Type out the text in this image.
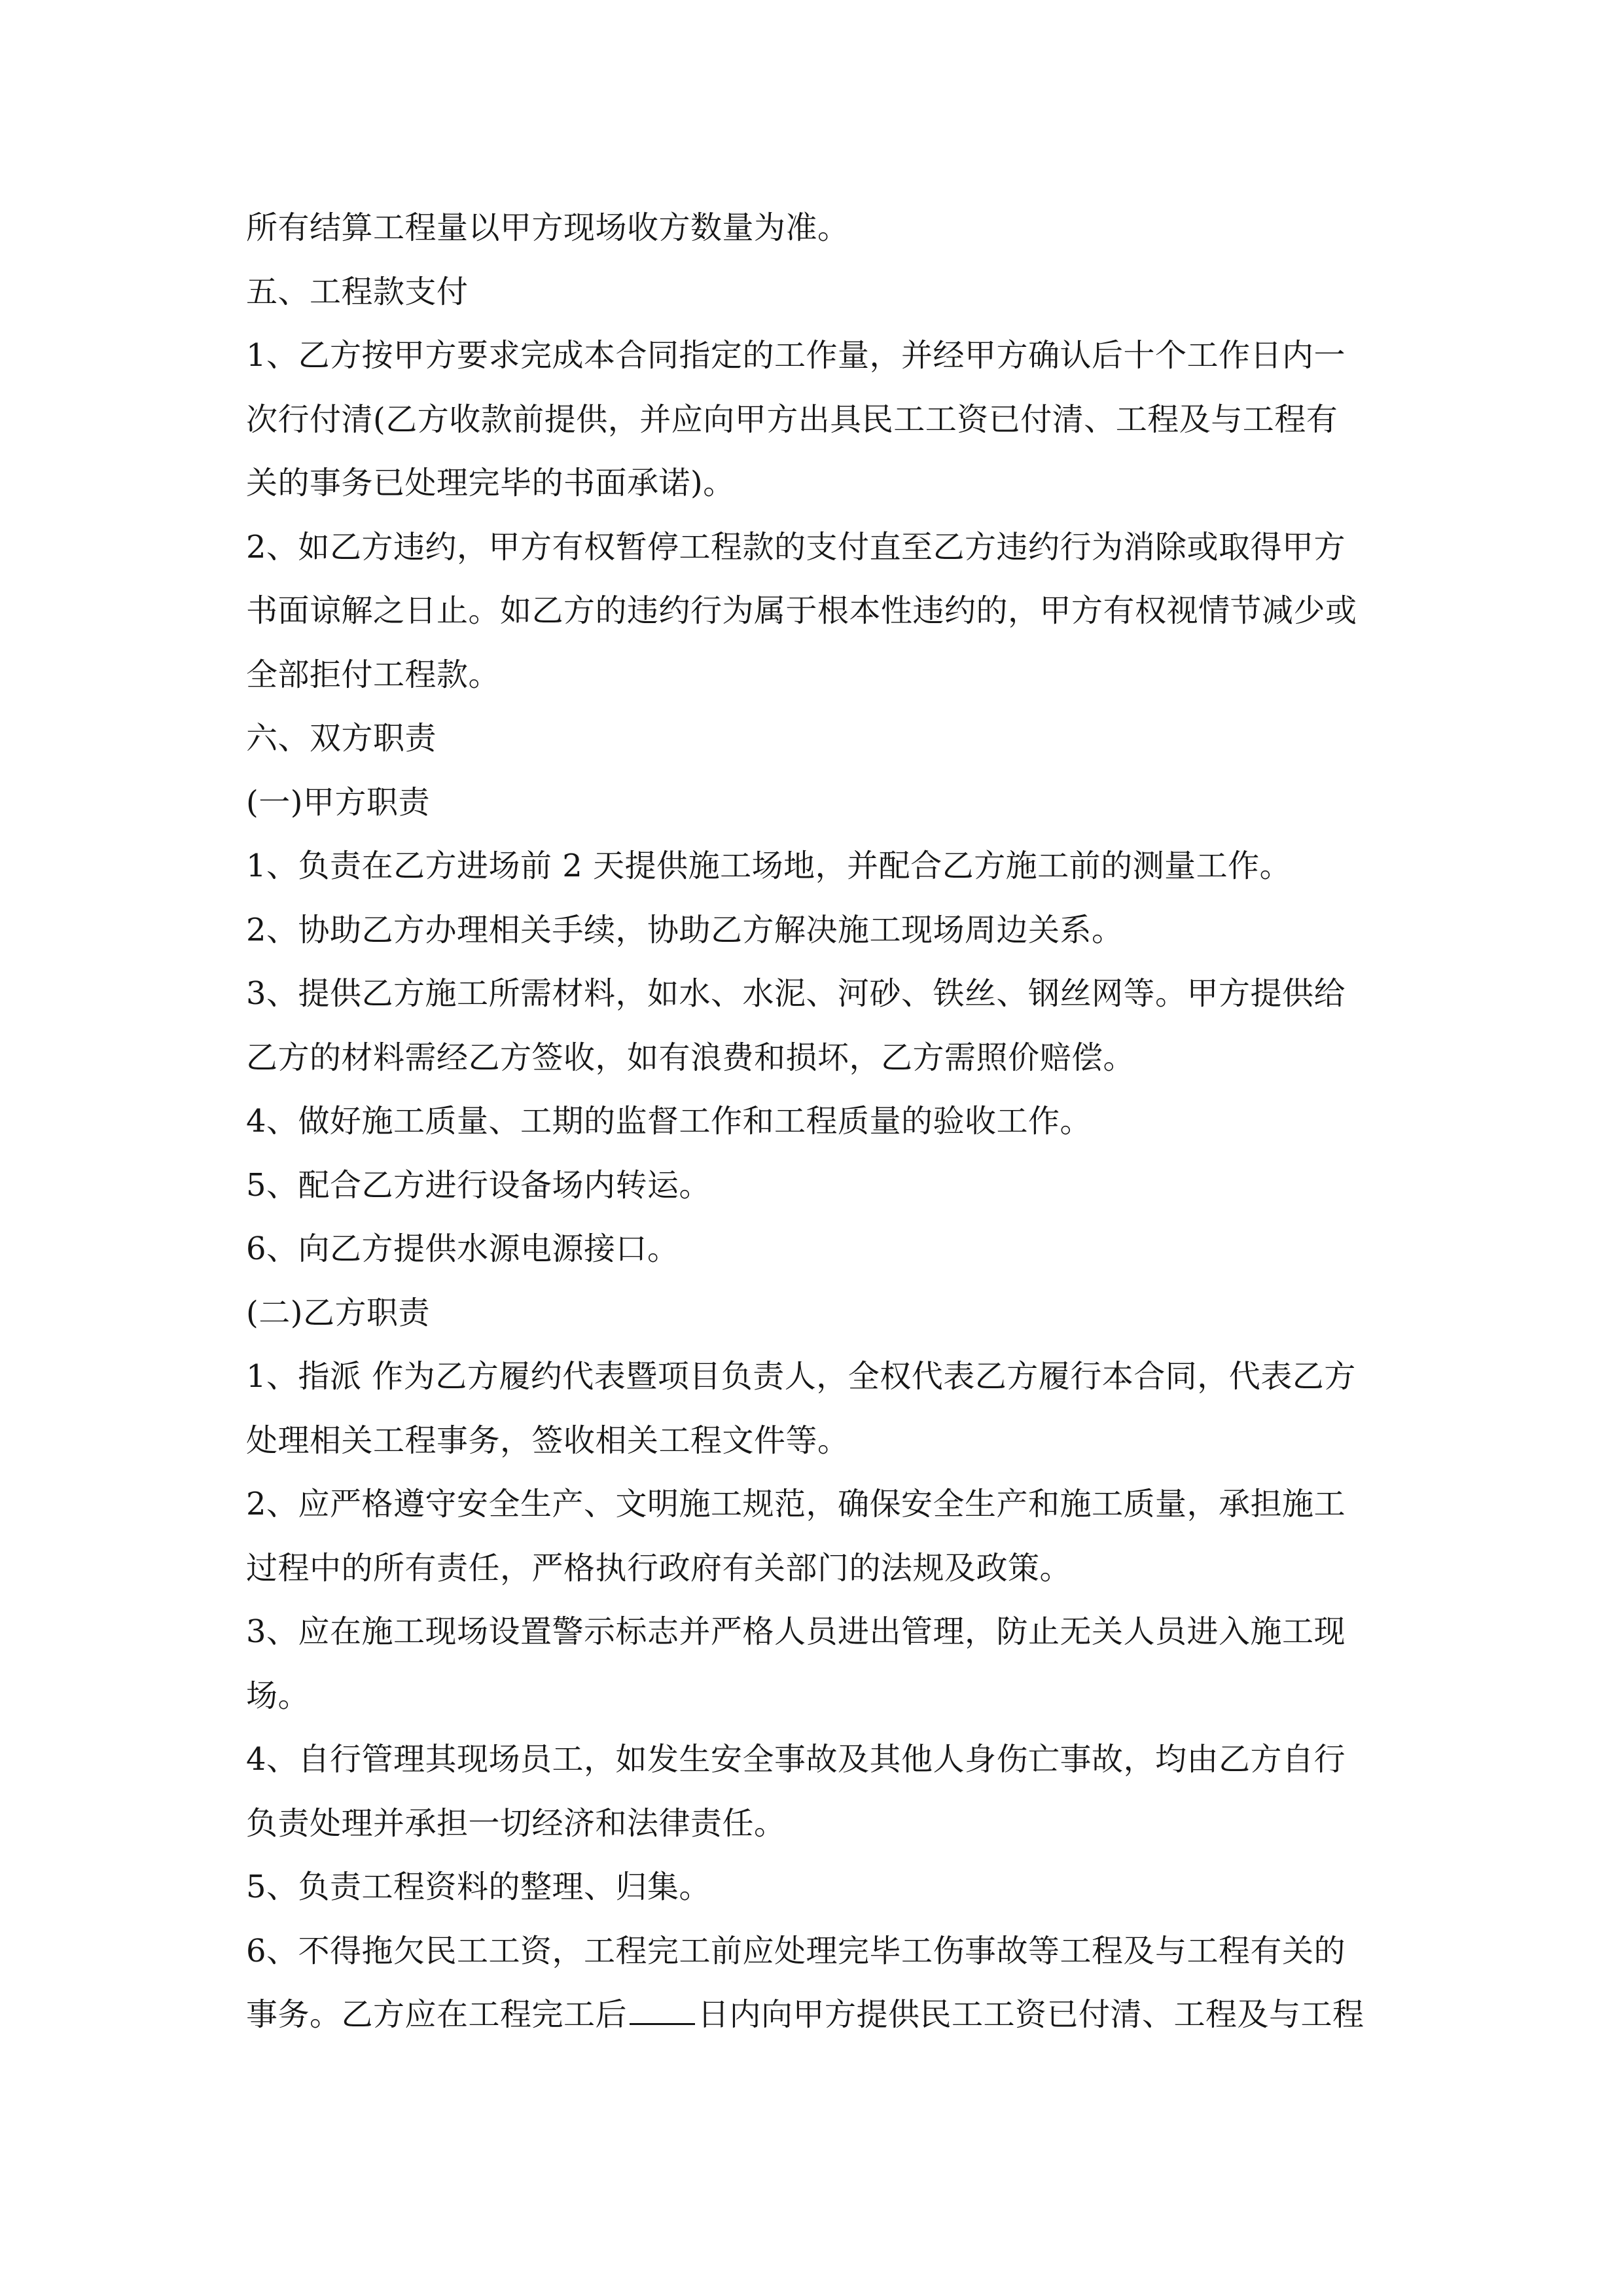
所有结算工程量以甲方现场收方数量为准。
五、工程款支付
1、乙方按甲方要求完成本合同指定的工作量，并经甲方确认后十个工作日内一
次行付清(乙方收款前提供，并应向甲方出具民工工资已付清、工程及与工程有
关的事务已处理完毕的书面承诺)。
2、如乙方违约，甲方有权暂停工程款的支付直至乙方违约行为消除或取得甲方
书面谅解之日止。如乙方的违约行为属于根本性违约的，甲方有权视情节减少或
全部拒付工程款。
六、双方职责
(一)甲方职责
1、负责在乙方进场前 2 天提供施工场地，并配合乙方施工前的测量工作。
2、协助乙方办理相关手续，协助乙方解决施工现场周边关系。
3、提供乙方施工所需材料，如水、水泥、河砂、铁丝、钢丝网等。甲方提供给
乙方的材料需经乙方签收，如有浪费和损坏，乙方需照价赔偿。
4、做好施工质量、工期的监督工作和工程质量的验收工作。
5、配合乙方进行设备场内转运。
6、向乙方提供水源电源接口。
(二)乙方职责
1、指派 作为乙方履约代表暨项目负责人，全权代表乙方履行本合同，代表乙方
处理相关工程事务，签收相关工程文件等。
2、应严格遵守安全生产、文明施工规范，确保安全生产和施工质量，承担施工
过程中的所有责任，严格执行政府有关部门的法规及政策。
3、应在施工现场设置警示标志并严格人员进出管理，防止无关人员进入施工现
场。
4、自行管理其现场员工，如发生安全事故及其他人身伤亡事故，均由乙方自行
负责处理并承担一切经济和法律责任。
5、负责工程资料的整理、归集。
6、不得拖欠民工工资，工程完工前应处理完毕工伤事故等工程及与工程有关的
事务。乙方应在工程完工后 日内向甲方提供民工工资已付清、工程及与工程
